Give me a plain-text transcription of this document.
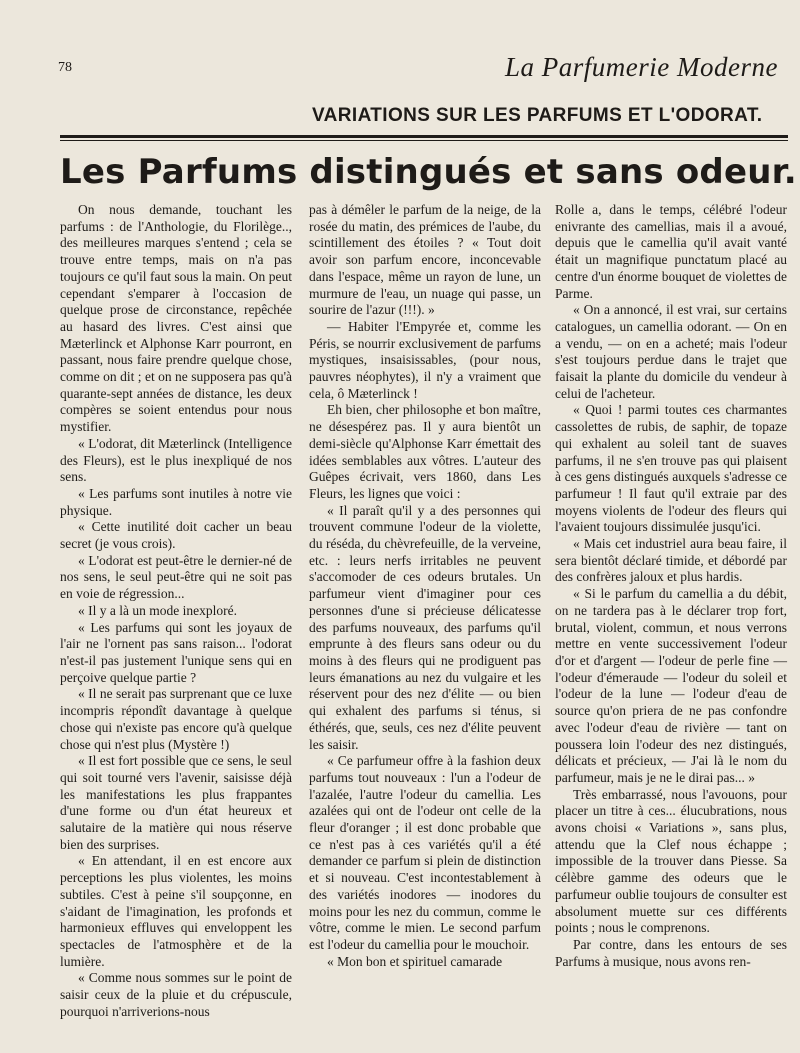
78	La Parfumerie Moderne
VARIATIONS SUR LES PARFUMS ET L'ODORAT.
Les Parfums distingués et sans odeur.

On nous demande, touchant les parfums : de l'Anthologie, du Florilège.., des meilleures marques s'entend ; cela se trouve entre temps, mais on n'a pas toujours ce qu'il faut sous la main. On peut cependant s'emparer à l'occasion de quelque prose de circonstance, repêchée au hasard des livres. C'est ainsi que Mæterlinck et Alphonse Karr pourront, en passant, nous faire prendre quelque chose, comme on dit ; et on ne supposera pas qu'à quarante-sept années de distance, les deux compères se soient entendus pour nous mystifier.

« L'odorat, dit Mæterlinck (Intelligence des Fleurs), est le plus inexpliqué de nos sens.

« Les parfums sont inutiles à notre vie physique.

« Cette inutilité doit cacher un beau secret (je vous crois).

« L'odorat est peut-être le dernier-né de nos sens, le seul peut-être qui ne soit pas en voie de régression...

« Il y a là un mode inexploré.

« Les parfums qui sont les joyaux de l'air ne l'ornent pas sans raison... l'odorat n'est-il pas justement l'unique sens qui en perçoive quelque partie ?

« Il ne serait pas surprenant que ce luxe incompris répondît davantage à quelque chose qui n'existe pas encore qu'à quelque chose qui n'est plus (Mystère !)

« Il est fort possible que ce sens, le seul qui soit tourné vers l'avenir, saisisse déjà les manifestations les plus frappantes d'une forme ou d'un état heureux et salutaire de la matière qui nous réserve bien des surprises.

« En attendant, il en est encore aux perceptions les plus violentes, les moins subtiles. C'est à peine s'il soupçonne, en s'aidant de l'imagination, les profonds et harmonieux effluves qui enveloppent les spectacles de l'atmosphère et de la lumière.

« Comme nous sommes sur le point de saisir ceux de la pluie et du crépuscule, pourquoi n'arriverions-nous

pas à démêler le parfum de la neige, de la rosée du matin, des prémices de l'aube, du scintillement des étoiles ? « Tout doit avoir son parfum encore, inconcevable dans l'espace, même un rayon de lune, un murmure de l'eau, un nuage qui passe, un sourire de l'azur (!!!). »

— Habiter l'Empyrée et, comme les Péris, se nourrir exclusivement de parfums mystiques, insaisissables, (pour nous, pauvres néophytes), il n'y a vraiment que cela, ô Mæterlinck !

Eh bien, cher philosophe et bon maître, ne désespérez pas. Il y aura bientôt un demi-siècle qu'Alphonse Karr émettait des idées semblables aux vôtres. L'auteur des Guêpes écrivait, vers 1860, dans Les Fleurs, les lignes que voici :

« Il paraît qu'il y a des personnes qui trouvent commune l'odeur de la violette, du réséda, du chèvrefeuille, de la verveine, etc. : leurs nerfs irritables ne peuvent s'accomoder de ces odeurs brutales. Un parfumeur vient d'imaginer pour ces personnes d'une si précieuse délicatesse des parfums nouveaux, des parfums qu'il emprunte à des fleurs sans odeur ou du moins à des fleurs qui ne prodiguent pas leurs émanations au nez du vulgaire et les réservent pour des nez d'élite — ou bien qui exhalent des parfums si ténus, si éthérés, que, seuls, ces nez d'élite peuvent les saisir.

« Ce parfumeur offre à la fashion deux parfums tout nouveaux : l'un a l'odeur de l'azalée, l'autre l'odeur du camellia. Les azalées qui ont de l'odeur ont celle de la fleur d'oranger ; il est donc probable que ce n'est pas à ces variétés qu'il a été demander ce parfum si plein de distinction et si nouveau. C'est incontestablement à des variétés inodores — inodores du moins pour les nez du commun, comme le vôtre, comme le mien. Le second parfum est l'odeur du camellia pour le mouchoir.

« Mon bon et spirituel camarade

Rolle a, dans le temps, célébré l'odeur enivrante des camellias, mais il a avoué, depuis que le camellia qu'il avait vanté était un magnifique punctatum placé au centre d'un énorme bouquet de violettes de Parme.

« On a annoncé, il est vrai, sur certains catalogues, un camellia odorant. — On en a vendu, — on en a acheté; mais l'odeur s'est toujours perdue dans le trajet que faisait la plante du domicile du vendeur à celui de l'acheteur.

« Quoi ! parmi toutes ces charmantes cassolettes de rubis, de saphir, de topaze qui exhalent au soleil tant de suaves parfums, il ne s'en trouve pas qui plaisent à ces gens distingués auxquels s'adresse ce parfumeur ! Il faut qu'il extraie par des moyens violents de l'odeur des fleurs qui l'avaient toujours dissimulée jusqu'ici.

« Mais cet industriel aura beau faire, il sera bientôt déclaré timide, et débordé par des confrères jaloux et plus hardis.

« Si le parfum du camellia a du débit, on ne tardera pas à le déclarer trop fort, brutal, violent, commun, et nous verrons mettre en vente successivement l'odeur d'or et d'argent — l'odeur de perle fine — l'odeur d'émeraude — l'odeur du soleil et l'odeur de la lune — l'odeur d'eau de source qu'on priera de ne pas confondre avec l'odeur d'eau de rivière — tant on poussera loin l'odeur des nez distingués, délicats et précieux, — J'ai là le nom du parfumeur, mais je ne le dirai pas... »

Très embarrassé, nous l'avouons, pour placer un titre à ces... élucubrations, nous avons choisi « Variations », sans plus, attendu que la Clef nous échappe ; impossible de la trouver dans Piesse. Sa célèbre gamme des odeurs que le parfumeur oublie toujours de consulter est absolument muette sur ces différents points ; nous le comprenons.

Par contre, dans les entours de ses Parfums à musique, nous avons ren-
